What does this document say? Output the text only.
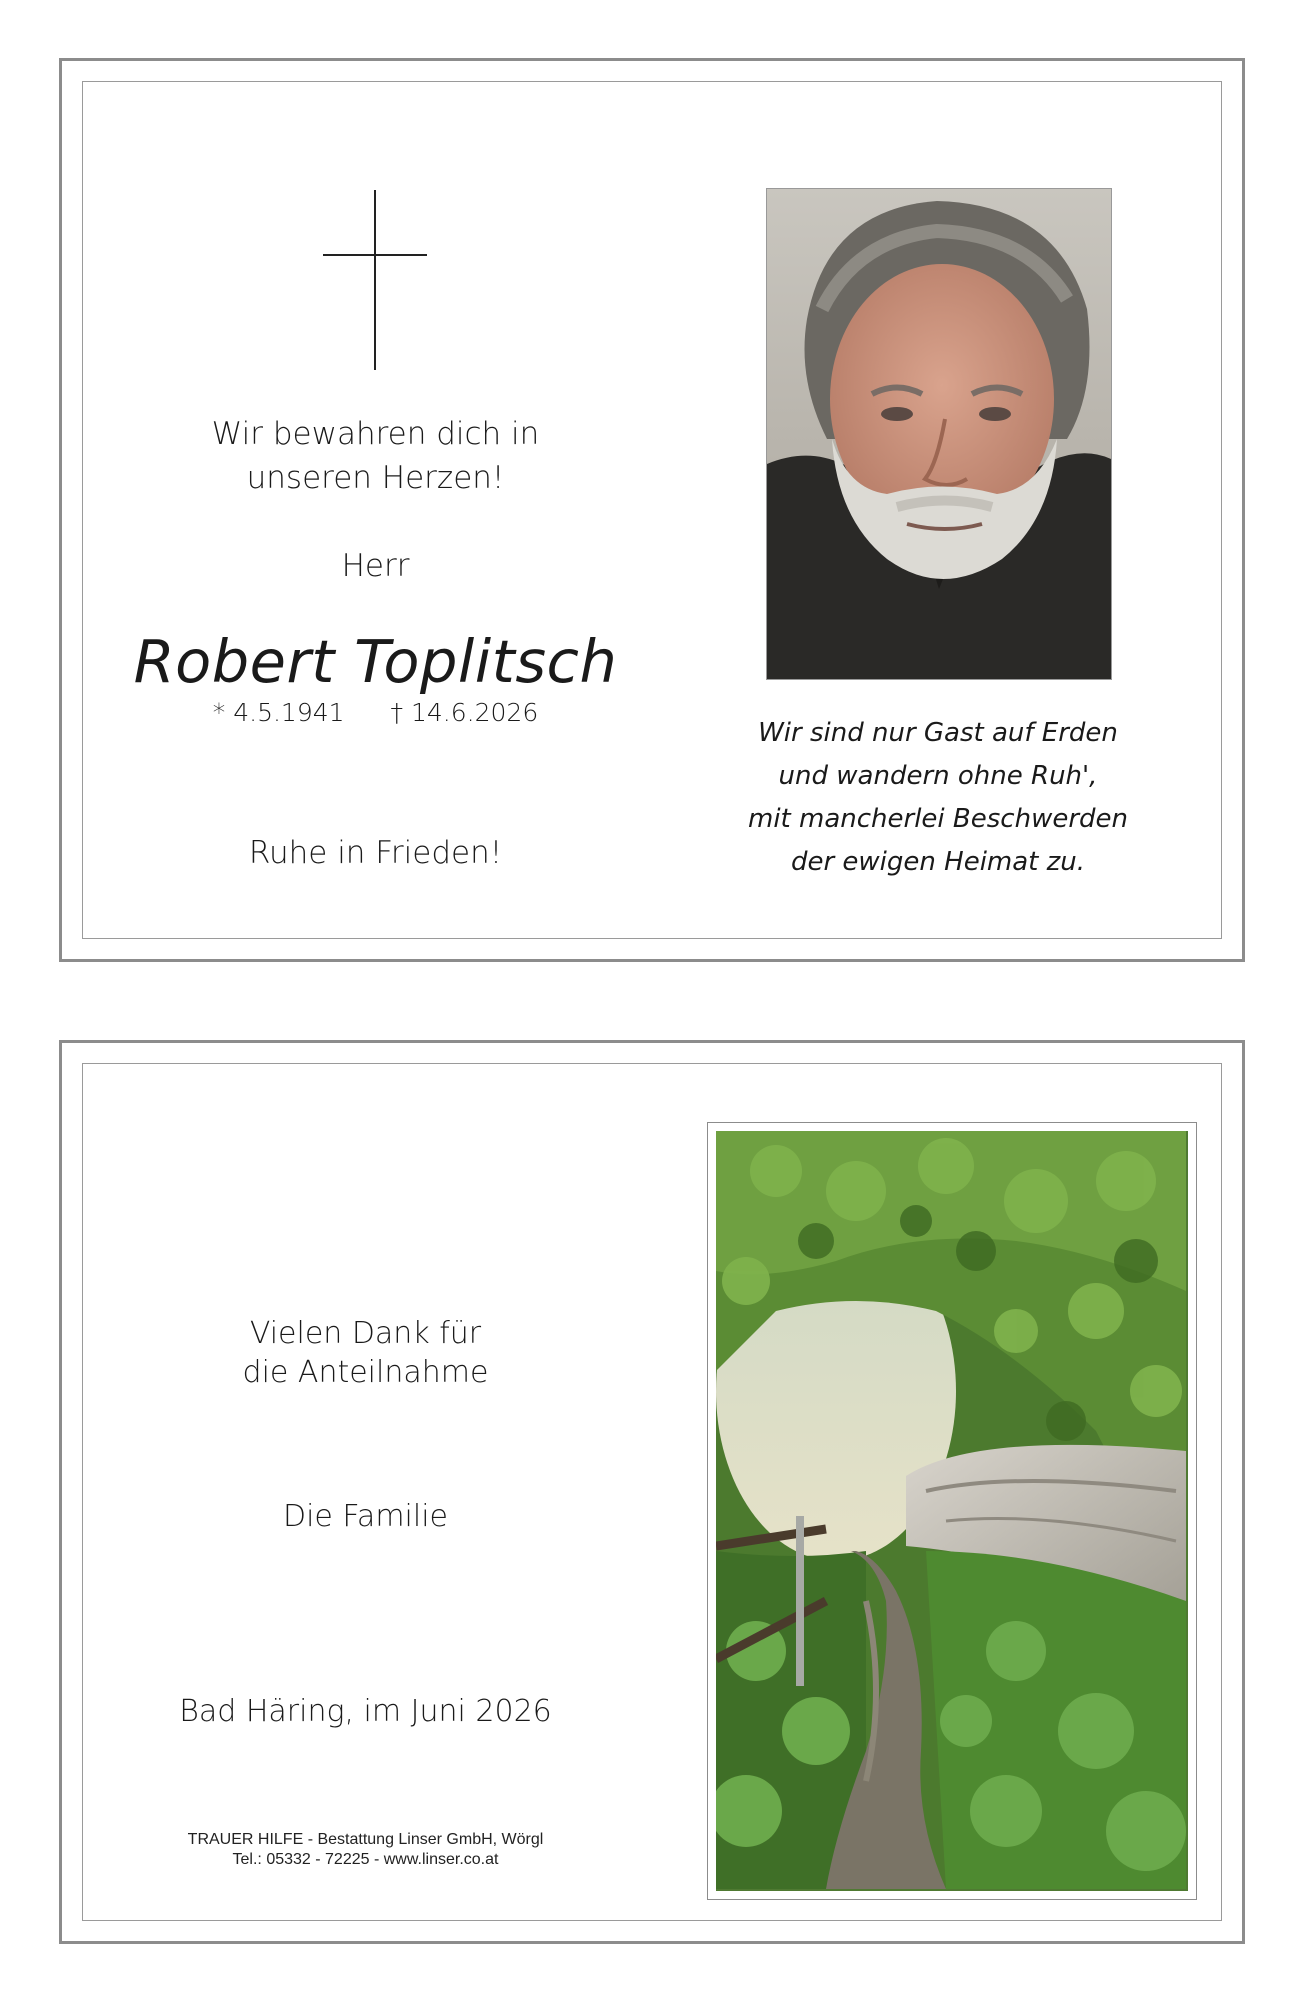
Wir bewahren dich in
unseren Herzen!
Herr
Robert Toplitsch
* 4.5.1941 † 14.6.2026
Ruhe in Frieden!
Wir sind nur Gast auf Erden
und wandern ohne Ruh',
mit mancherlei Beschwerden
der ewigen Heimat zu.
Vielen Dank für
die Anteilnahme
Die Familie
Bad Häring, im Juni 2026
TRAUER HILFE - Bestattung Linser GmbH, Wörgl
Tel.: 05332 - 72225 - www.linser.co.at
